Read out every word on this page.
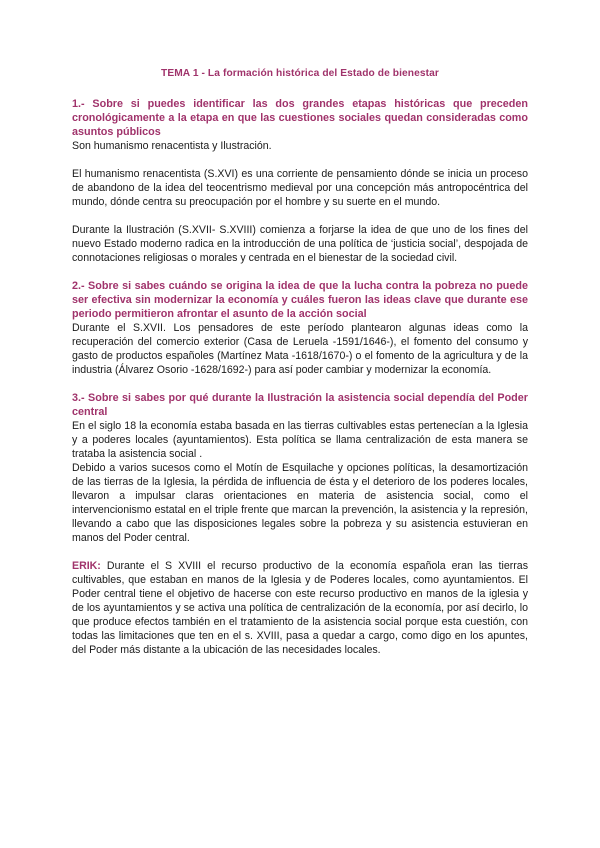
TEMA 1 - La formación histórica del Estado de bienestar
1.- Sobre si puedes identificar las dos grandes etapas históricas que preceden cronológicamente a la etapa en que las cuestiones sociales quedan consideradas como asuntos públicos

Son humanismo renacentista y Ilustración.

El humanismo renacentista (S.XVI) es una corriente de pensamiento dónde se inicia un proceso de abandono de la idea del teocentrismo medieval por una concepción más antropocéntrica del mundo, dónde centra su preocupación por el hombre y su suerte en el mundo.

Durante la Ilustración (S.XVII- S.XVIII) comienza a forjarse la idea de que uno de los fines del nuevo Estado moderno radica en la introducción de una política de ‘justicia social’, despojada de connotaciones religiosas o morales y centrada en el bienestar de la sociedad civil.

2.- Sobre si sabes cuándo se origina la idea de que la lucha contra la pobreza no puede ser efectiva sin modernizar la economía y cuáles fueron las ideas clave que durante ese periodo permitieron afrontar el asunto de la acción social

Durante el S.XVII. Los pensadores de este período plantearon algunas ideas como la recuperación del comercio exterior (Casa de Leruela -1591/1646-), el fomento del consumo y gasto de productos españoles (Martínez Mata -1618/1670-) o el fomento de la agricultura y de la industria (Álvarez Osorio -1628/1692-) para así poder cambiar y modernizar la economía.

3.- Sobre si sabes por qué durante la Ilustración la asistencia social dependía del Poder central

En el siglo 18 la economía estaba basada en las tierras cultivables estas pertenecían a la Iglesia y a poderes locales (ayuntamientos). Esta política se llama centralización de esta manera se trataba la asistencia social .

Debido a varios sucesos como el Motín de Esquilache y opciones políticas, la desamortización de las tierras de la Iglesia, la pérdida de influencia de ésta y el deterioro de los poderes locales, llevaron a impulsar claras orientaciones en materia de asistencia social, como el intervencionismo estatal en el triple frente que marcan la prevención, la asistencia y la represión, llevando a cabo que las disposiciones legales sobre la pobreza y su asistencia estuvieran en manos del Poder central.

ERIK: Durante el S XVIII el recurso productivo de la economía española eran las tierras cultivables, que estaban en manos de la Iglesia y de Poderes locales, como ayuntamientos. El Poder central tiene el objetivo de hacerse con este recurso productivo en manos de la iglesia y de los ayuntamientos y se activa una política de centralización de la economía, por así decirlo, lo que produce efectos también en el tratamiento de la asistencia social porque esta cuestión, con todas las limitaciones que ten en el s. XVIII, pasa a quedar a cargo, como digo en los apuntes, del Poder más distante a la ubicación de las necesidades locales.
